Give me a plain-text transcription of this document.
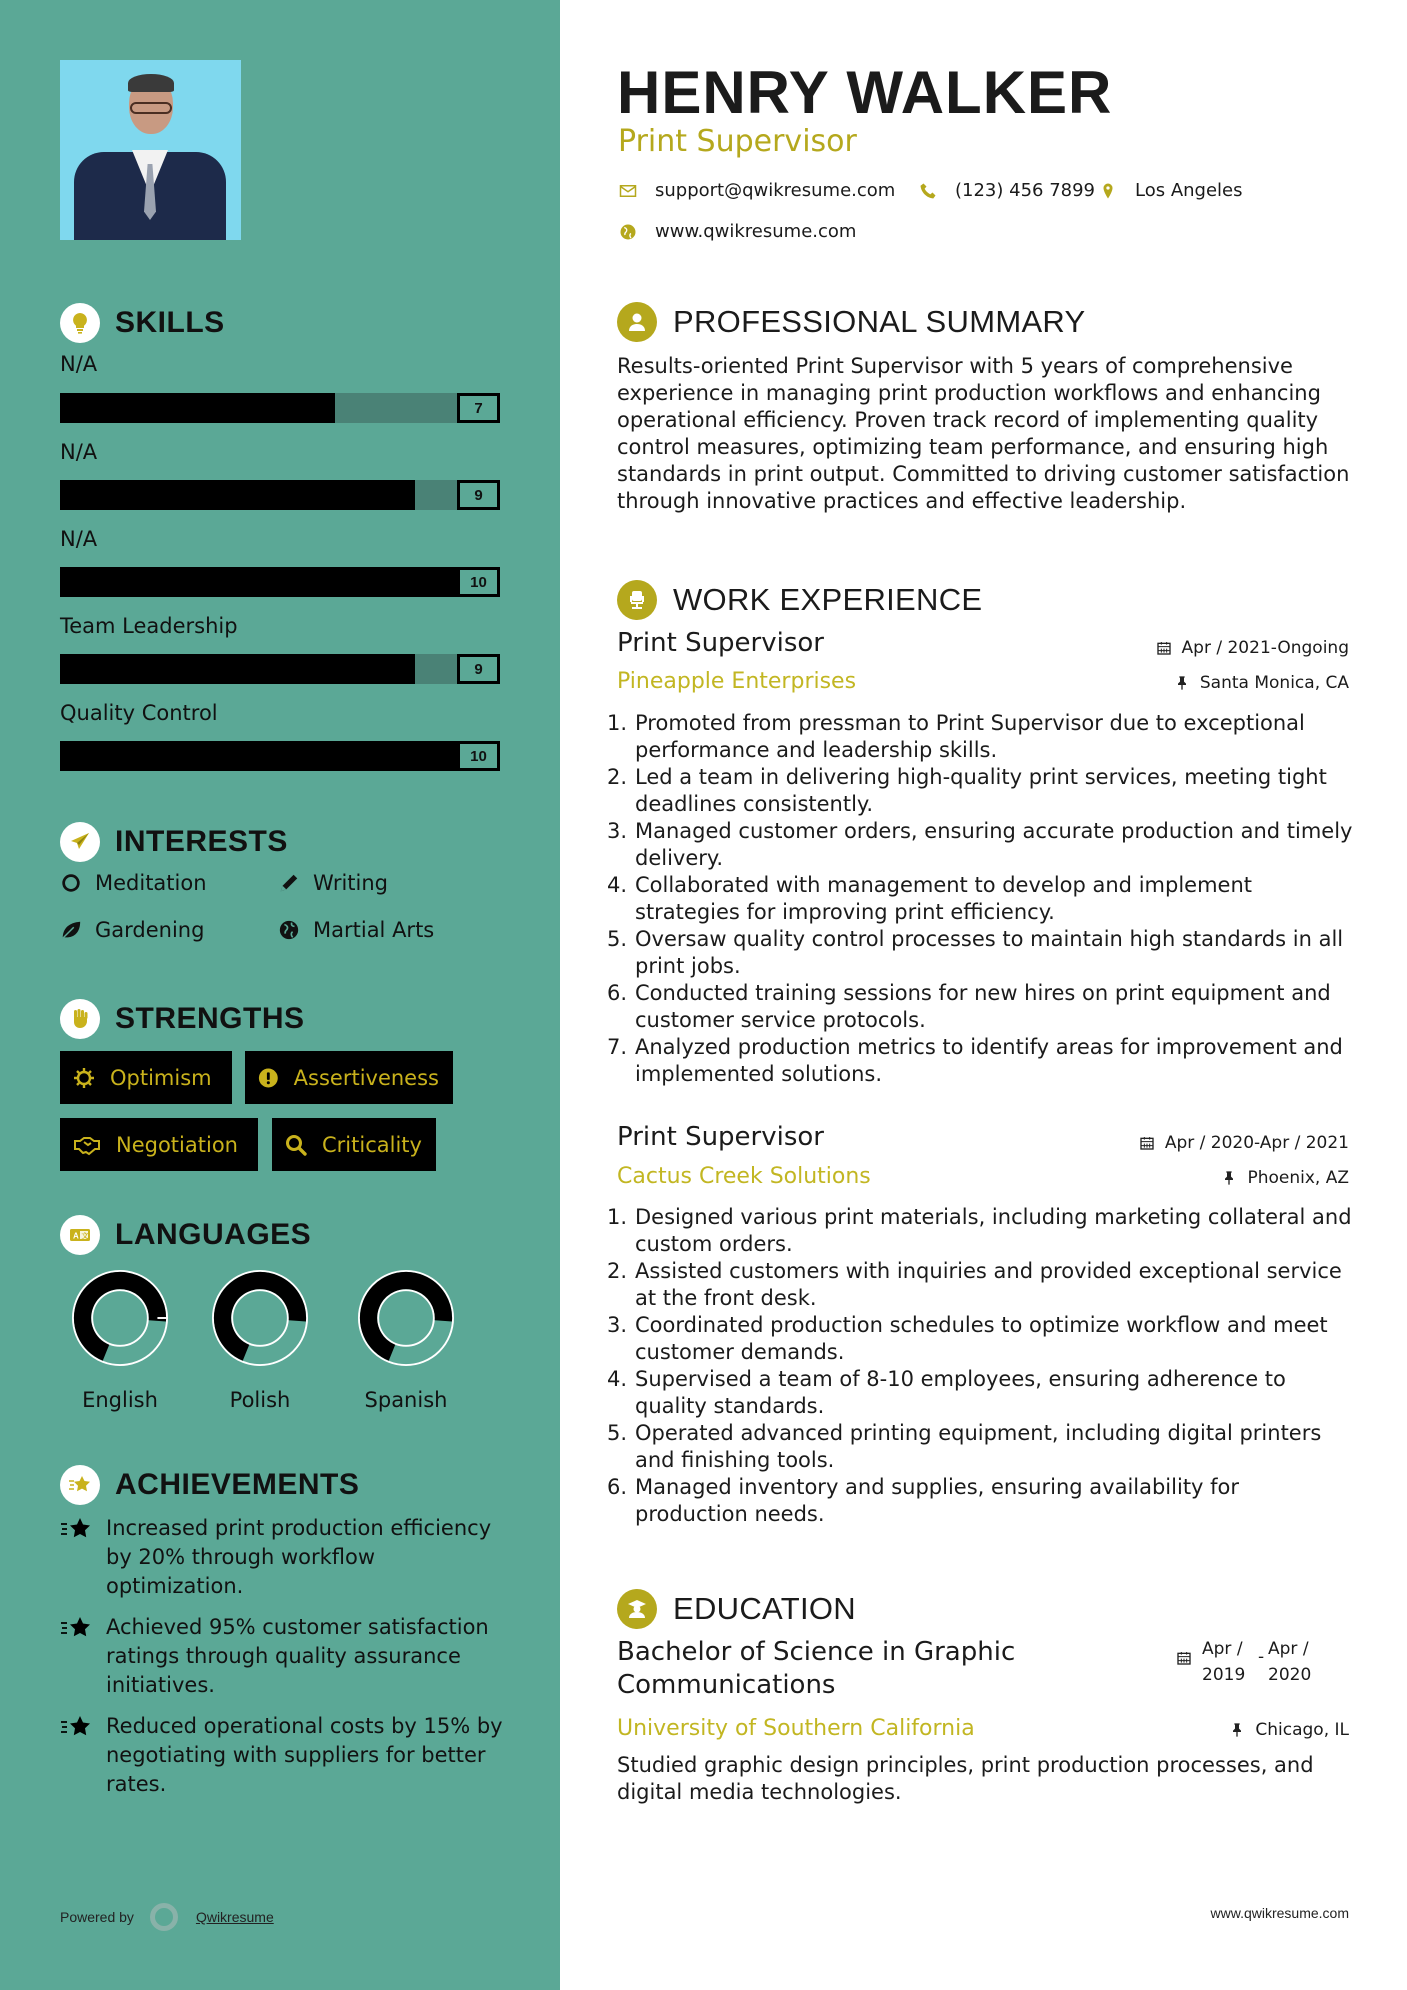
SKILLS
N/A
7
N/A
9
N/A
10
Team Leadership
9
Quality Control
10
INTERESTS
Meditation	Writing
Gardening	Martial Arts
STRENGTHS
Optimism	Assertiveness
Negotiation	Criticality
A 文 LANGUAGES
English	Polish	Spanish
ACHIEVEMENTS
Increased print production efficiency by 20% through workflow optimization.
Achieved 95% customer satisfaction ratings through quality assurance initiatives.
Reduced operational costs by 15% by negotiating with suppliers for better rates.
Powered by	Qwikresume
HENRY WALKER
Print Supervisor
support@qwikresume.com	(123) 456 7899 Los Angeles
www.qwikresume.com
PROFESSIONAL SUMMARY
Results-oriented Print Supervisor with 5 years of comprehensive experience in managing print production workflows and enhancing operational efficiency. Proven track record of implementing quality control measures, optimizing team performance, and ensuring high standards in print output. Committed to driving customer satisfaction through innovative practices and effective leadership.
WORK EXPERIENCE
Print Supervisor	Apr / 2021-Ongoing
Pineapple Enterprises	Santa Monica, CA
1. Promoted from pressman to Print Supervisor due to exceptional performance and leadership skills.
2. Led a team in delivering high-quality print services, meeting tight deadlines consistently.
3. Managed customer orders, ensuring accurate production and timely delivery.
4. Collaborated with management to develop and implement strategies for improving print efficiency.
5. Oversaw quality control processes to maintain high standards in all print jobs.
6. Conducted training sessions for new hires on print equipment and customer service protocols.
7. Analyzed production metrics to identify areas for improvement and implemented solutions.
Print Supervisor	Apr / 2020-Apr / 2021
Cactus Creek Solutions	Phoenix, AZ
1. Designed various print materials, including marketing collateral and custom orders.
2. Assisted customers with inquiries and provided exceptional service at the front desk.
3. Coordinated production schedules to optimize workflow and meet customer demands.
4. Supervised a team of 8-10 employees, ensuring adherence to quality standards.
5. Operated advanced printing equipment, including digital printers and finishing tools.
6. Managed inventory and supplies, ensuring availability for production needs.
EDUCATION
Bachelor of Science in Graphic Communications
Apr /
2019
- Apr /
2020
University of Southern California	Chicago, IL
Studied graphic design principles, print production processes, and digital media technologies.
www.qwikresume.com
